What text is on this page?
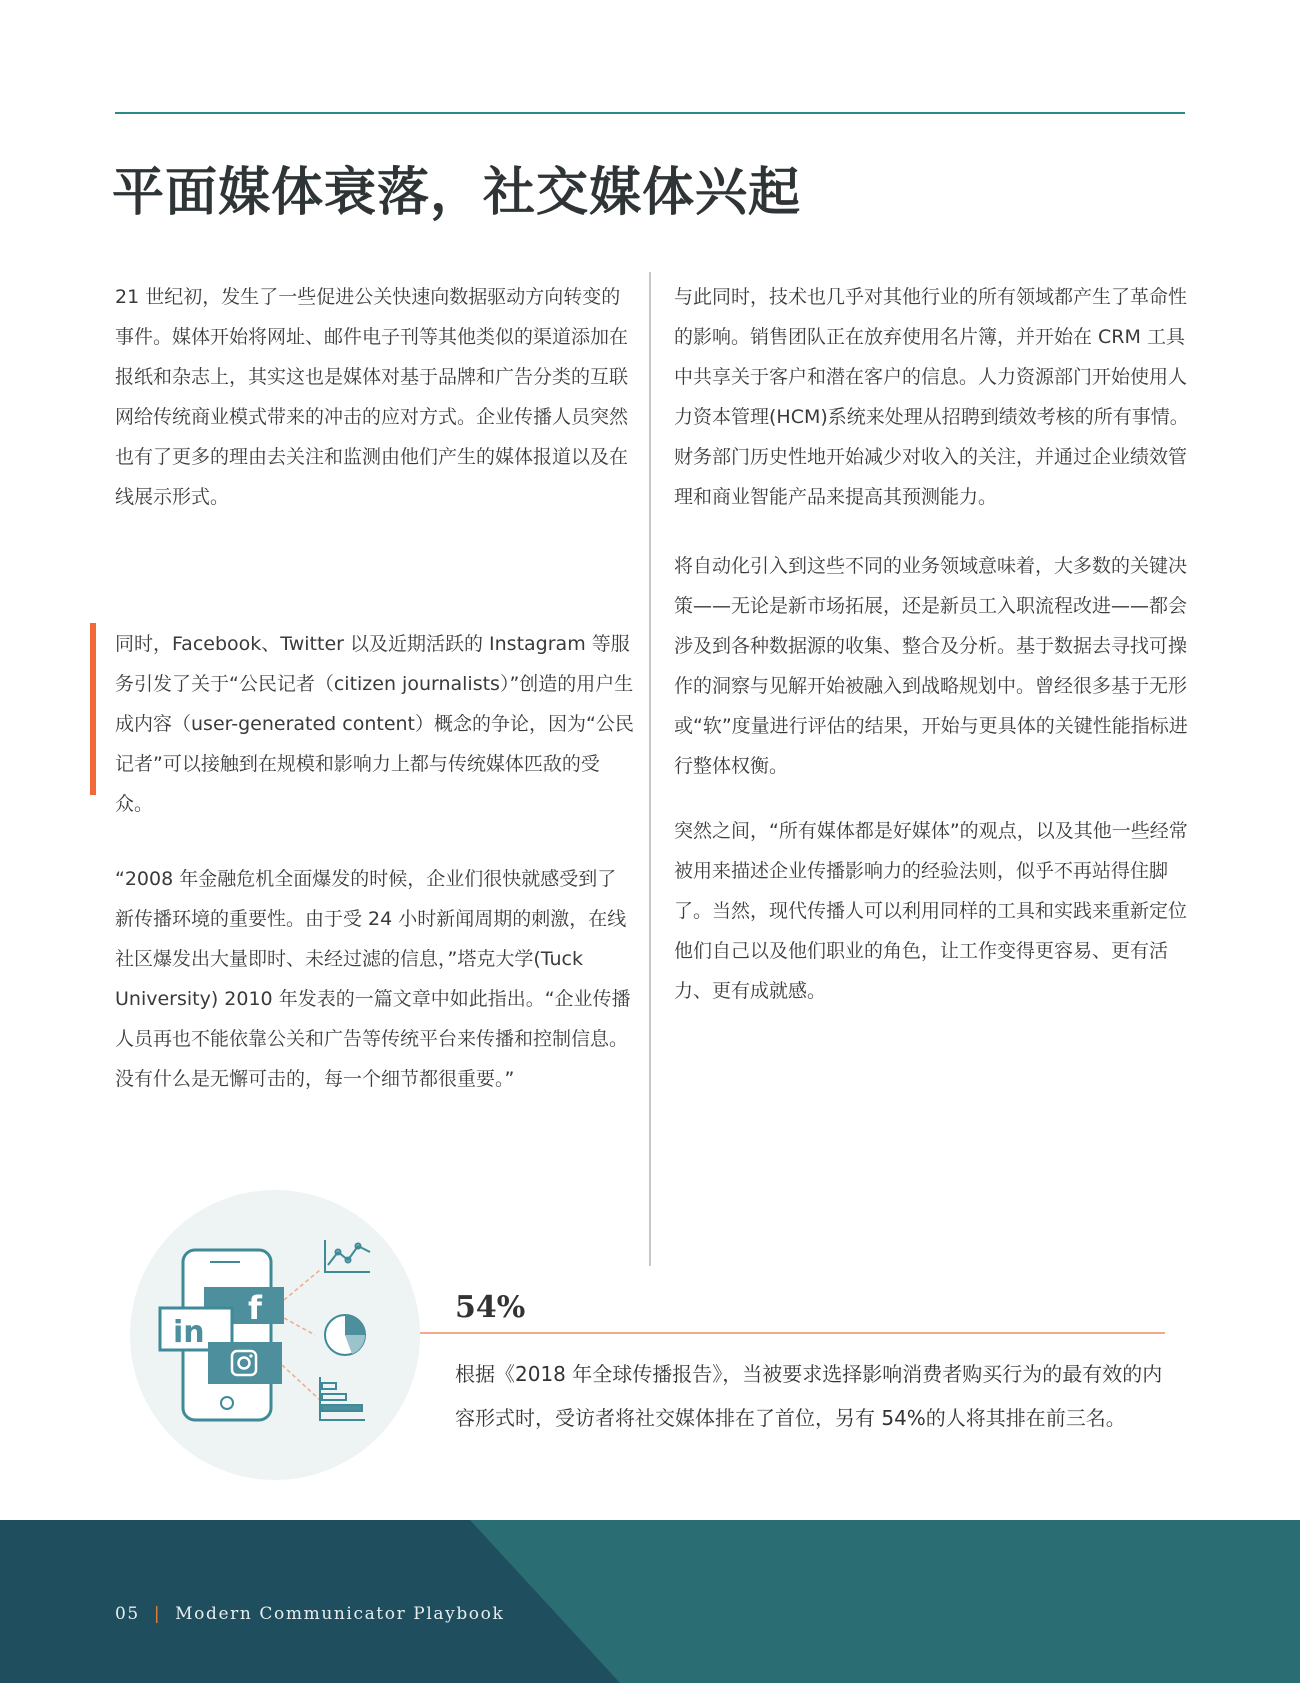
平面媒体衰落，社交媒体兴起

21 世纪初，发生了一些促进公关快速向数据驱动方向转变的事件。媒体开始将网址、邮件电子刊等其他类似的渠道添加在报纸和杂志上，其实这也是媒体对基于品牌和广告分类的互联网给传统商业模式带来的冲击的应对方式。企业传播人员突然也有了更多的理由去关注和监测由他们产生的媒体报道以及在线展示形式。

同时，Facebook、Twitter 以及近期活跃的 Instagram 等服务引发了关于“公民记者（citizen journalists）”创造的用户生成内容（user-generated content）概念的争论，因为“公民记者”可以接触到在规模和影响力上都与传统媒体匹敌的受众。

“2008 年金融危机全面爆发的时候，企业们很快就感受到了新传播环境的重要性。由于受 24 小时新闻周期的刺激，在线社区爆发出大量即时、未经过滤的信息，”塔克大学(Tuck University) 2010 年发表的一篇文章中如此指出。“企业传播人员再也不能依靠公关和广告等传统平台来传播和控制信息。没有什么是无懈可击的，每一个细节都很重要。”

与此同时，技术也几乎对其他行业的所有领域都产生了革命性的影响。销售团队正在放弃使用名片簿，并开始在 CRM 工具中共享关于客户和潜在客户的信息。人力资源部门开始使用人力资本管理(HCM)系统来处理从招聘到绩效考核的所有事情。财务部门历史性地开始减少对收入的关注，并通过企业绩效管理和商业智能产品来提高其预测能力。

将自动化引入到这些不同的业务领域意味着，大多数的关键决策——无论是新市场拓展，还是新员工入职流程改进——都会涉及到各种数据源的收集、整合及分析。基于数据去寻找可操作的洞察与见解开始被融入到战略规划中。曾经很多基于无形或“软”度量进行评估的结果，开始与更具体的关键性能指标进行整体权衡。

突然之间，“所有媒体都是好媒体”的观点，以及其他一些经常被用来描述企业传播影响力的经验法则，似乎不再站得住脚了。当然，现代传播人可以利用同样的工具和实践来重新定位他们自己以及他们职业的角色，让工作变得更容易、更有活力、更有成就感。

f
in
54%

根据《2018 年全球传播报告》，当被要求选择影响消费者购买行为的最有效的内容形式时，受访者将社交媒体排在了首位，另有 54%的人将其排在前三名。

05 | Modern Communicator Playbook
